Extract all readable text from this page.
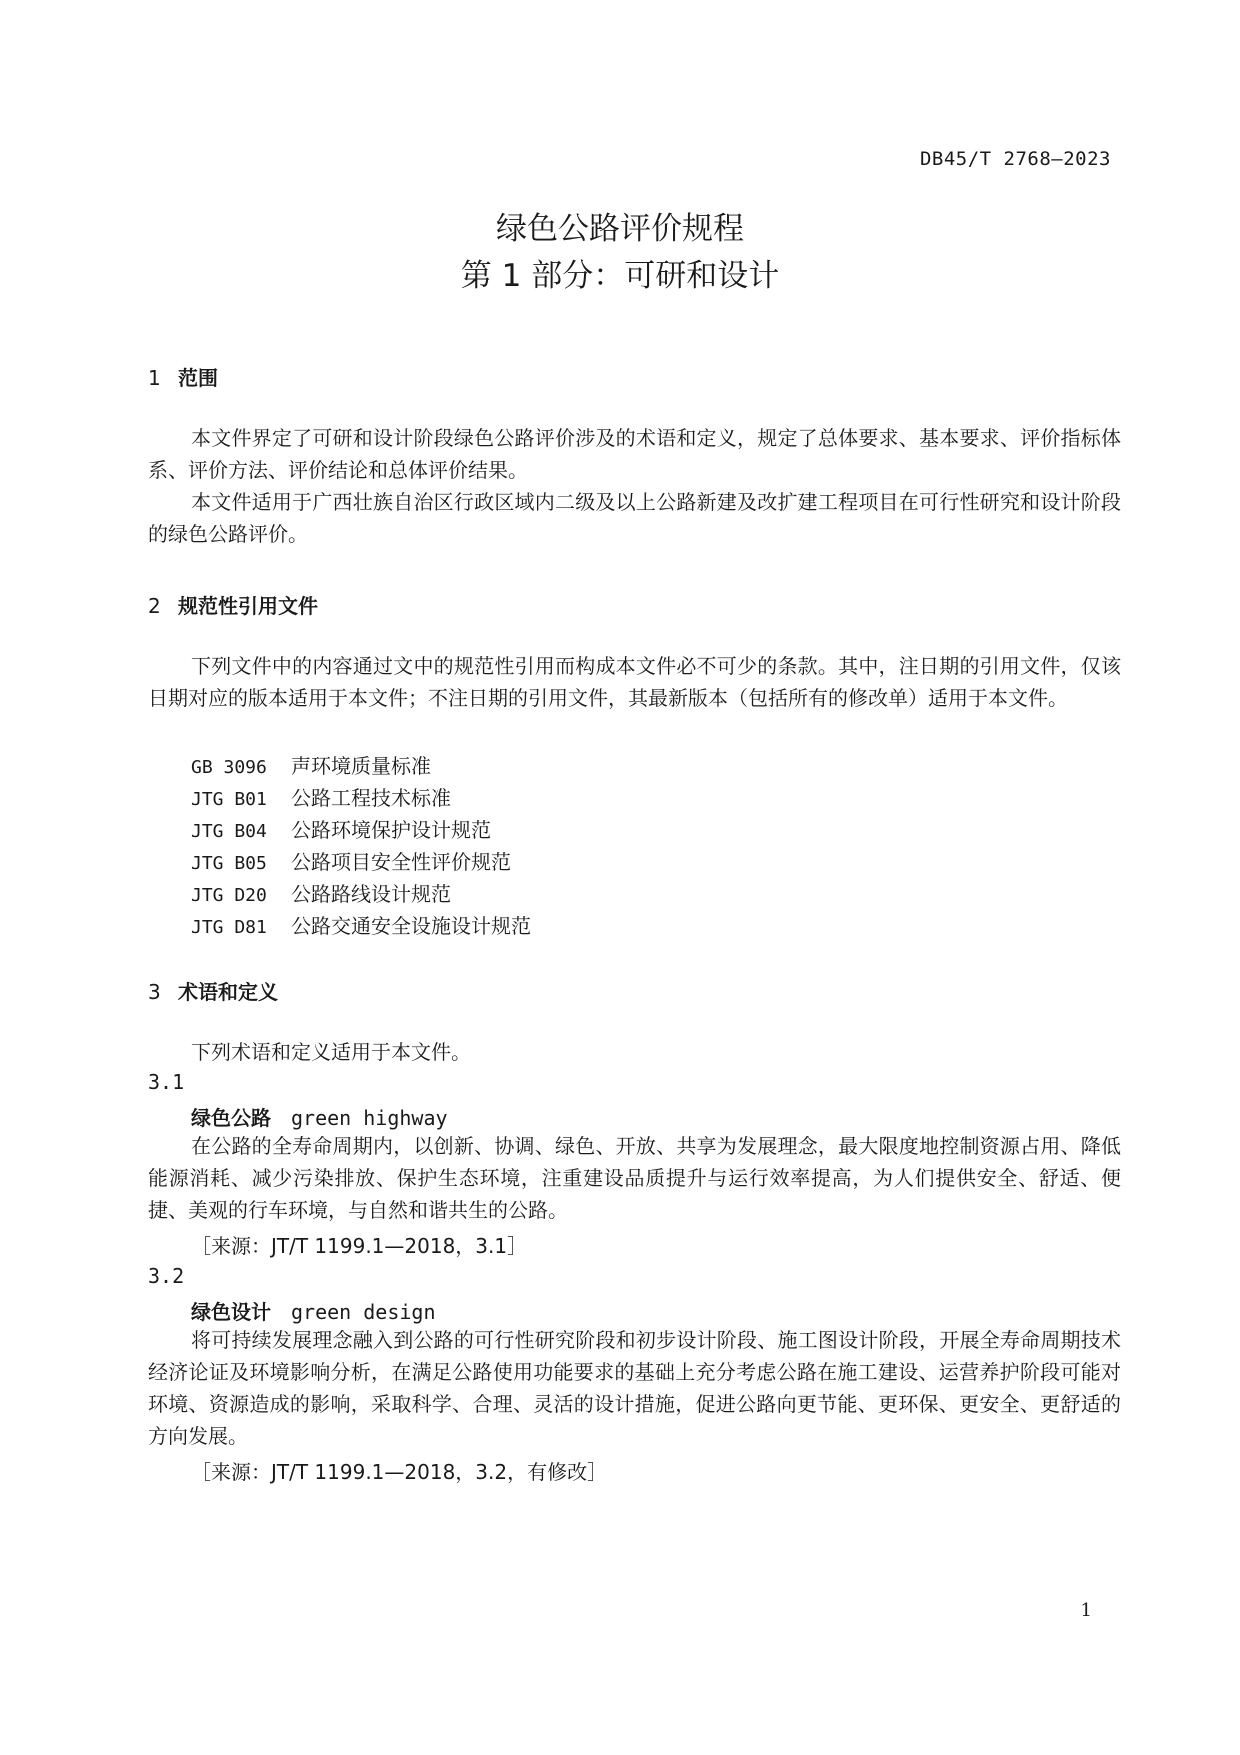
DB45/T 2768—2023
绿色公路评价规程
第 1 部分：可研和设计
1 范围

本文件界定了可研和设计阶段绿色公路评价涉及的术语和定义，规定了总体要求、基本要求、评价指标体系、评价方法、评价结论和总体评价结果。

本文件适用于广西壮族自治区行政区域内二级及以上公路新建及改扩建工程项目在可行性研究和设计阶段的绿色公路评价。

2 规范性引用文件

下列文件中的内容通过文中的规范性引用而构成本文件必不可少的条款。其中，注日期的引用文件，仅该日期对应的版本适用于本文件；不注日期的引用文件，其最新版本（包括所有的修改单）适用于本文件。

GB 3096 声环境质量标准
JTG B01 公路工程技术标准
JTG B04 公路环境保护设计规范
JTG B05 公路项目安全性评价规范
JTG D20 公路路线设计规范
JTG D81 公路交通安全设施设计规范
3 术语和定义

下列术语和定义适用于本文件。

3.1
绿色公路 green highway

在公路的全寿命周期内，以创新、协调、绿色、开放、共享为发展理念，最大限度地控制资源占用、降低能源消耗、减少污染排放、保护生态环境，注重建设品质提升与运行效率提高，为人们提供安全、舒适、便捷、美观的行车环境，与自然和谐共生的公路。

［来源：JT/T 1199.1—2018，3.1］
3.2
绿色设计 green design

将可持续发展理念融入到公路的可行性研究阶段和初步设计阶段、施工图设计阶段，开展全寿命周期技术经济论证及环境影响分析，在满足公路使用功能要求的基础上充分考虑公路在施工建设、运营养护阶段可能对环境、资源造成的影响，采取科学、合理、灵活的设计措施，促进公路向更节能、更环保、更安全、更舒适的方向发展。

［来源：JT/T 1199.1—2018，3.2，有修改］
1
